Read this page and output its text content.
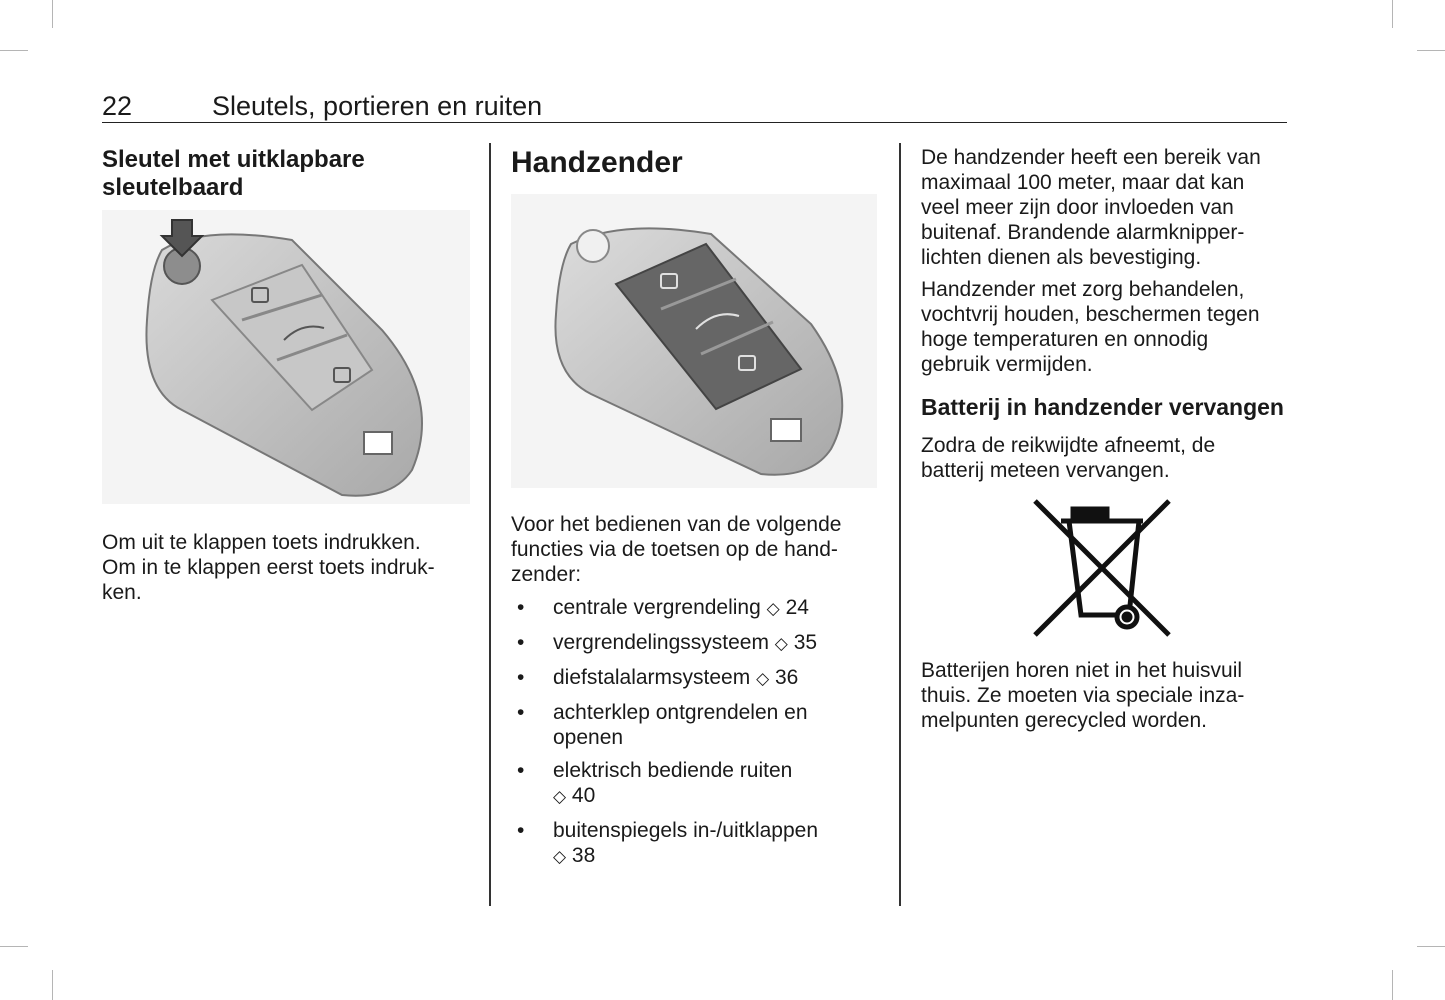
22	Sleutels, portieren en ruiten
Sleutel met uitklapbare sleutelbaard

Om uit te klappen toets indrukken.
Om in te klappen eerst toets indruk-
ken.

Handzender

Voor het bedienen van de volgende
functies via de toetsen op de hand-
zender:

• centrale vergrendeling ◇ 24
• vergrendelingssysteem ◇ 35
• diefstalalarmsysteem ◇ 36
• achterklep ontgrendelen en
openen
• elektrisch bediende ruiten
◇ 40
• buitenspiegels in-/uitklappen
◇ 38

De handzender heeft een bereik van
maximaal 100 meter, maar dat kan
veel meer zijn door invloeden van
buitenaf. Brandende alarmknipper-
lichten dienen als bevestiging.

Handzender met zorg behandelen,
vochtvrij houden, beschermen tegen
hoge temperaturen en onnodig
gebruik vermijden.

Batterij in handzender vervangen

Zodra de reikwijdte afneemt, de
batterij meteen vervangen.

Batterijen horen niet in het huisvuil
thuis. Ze moeten via speciale inza-
melpunten gerecycled worden.
